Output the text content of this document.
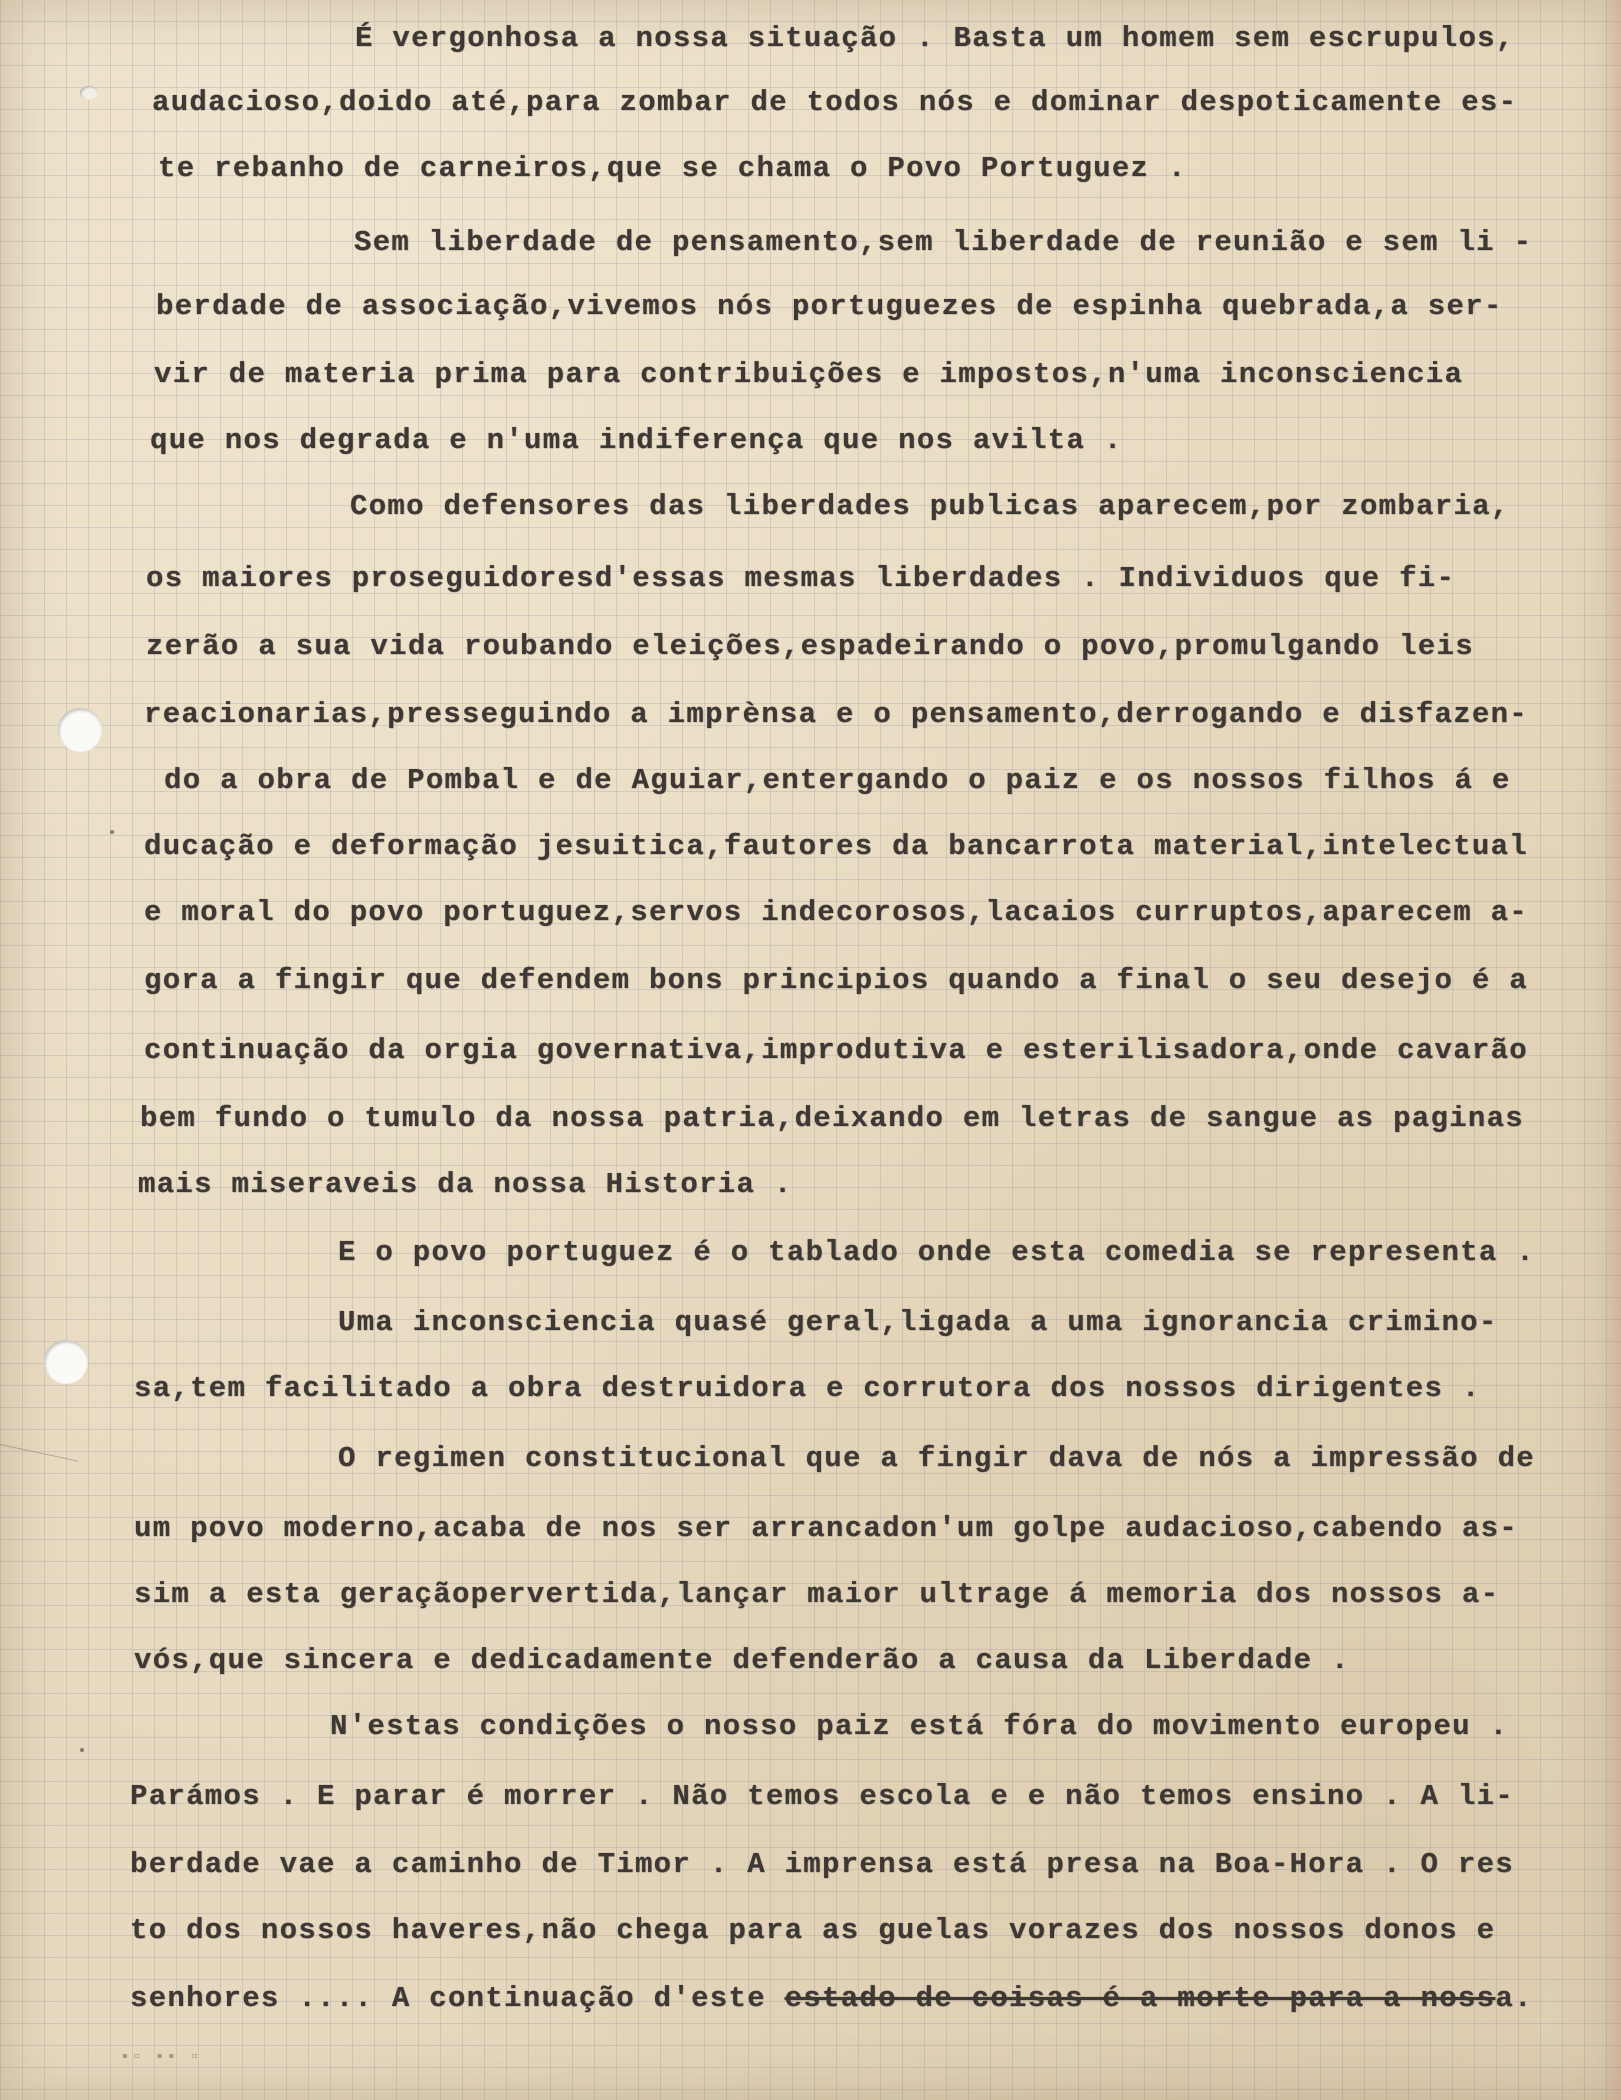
É vergonhosa a nossa situação . Basta um homem sem escrupulos,
audacioso,doido até,para zombar de todos nós e dominar despoticamente es-
te rebanho de carneiros,que se chama o Povo Portuguez .
Sem liberdade de pensamento,sem liberdade de reunião e sem li -
berdade de associação,vivemos nós portuguezes de espinha quebrada,a ser-
vir de materia prima para contribuições e impostos,n'uma inconsciencia
que nos degrada e n'uma indiferença que nos avilta .
Como defensores das liberdades publicas aparecem,por zombaria,
os maiores proseguidoresd'essas mesmas liberdades . Individuos que fi-
zerão a sua vida roubando eleições,espadeirando o povo,promulgando leis
reacionarias,presseguindo a imprènsa e o pensamento,derrogando e disfazen-
do a obra de Pombal e de Aguiar,entergando o paiz e os nossos filhos á e
ducação e deformação jesuitica,fautores da bancarrota material,intelectual
e moral do povo portuguez,servos indecorosos,lacaios curruptos,aparecem a-
gora a fingir que defendem bons principios quando a final o seu desejo é a
continuação da orgia governativa,improdutiva e esterilisadora,onde cavarão
bem fundo o tumulo da nossa patria,deixando em letras de sangue as paginas
mais miseraveis da nossa Historia .
E o povo portuguez é o tablado onde esta comedia se representa .
Uma inconsciencia quasé geral,ligada a uma ignorancia crimino-
sa,tem facilitado a obra destruidora e corrutora dos nossos dirigentes .
O regimen constitucional que a fingir dava de nós a impressão de
um povo moderno,acaba de nos ser arrancadon'um golpe audacioso,cabendo as-
sim a esta geraçãopervertida,lançar maior ultrage á memoria dos nossos a-
vós,que sincera e dedicadamente defenderão a causa da Liberdade .
N'estas condições o nosso paiz está fóra do movimento europeu .
Parámos . E parar é morrer . Não temos escola e e não temos ensino . A li-
berdade vae a caminho de Timor . A imprensa está presa na Boa-Hora . O res
to dos nossos haveres,não chega para as guelas vorazes dos nossos donos e
senhores .... A continuação d'este estado de coisas é a morte para a nossa.
▪▫ ▪▪ ▫
